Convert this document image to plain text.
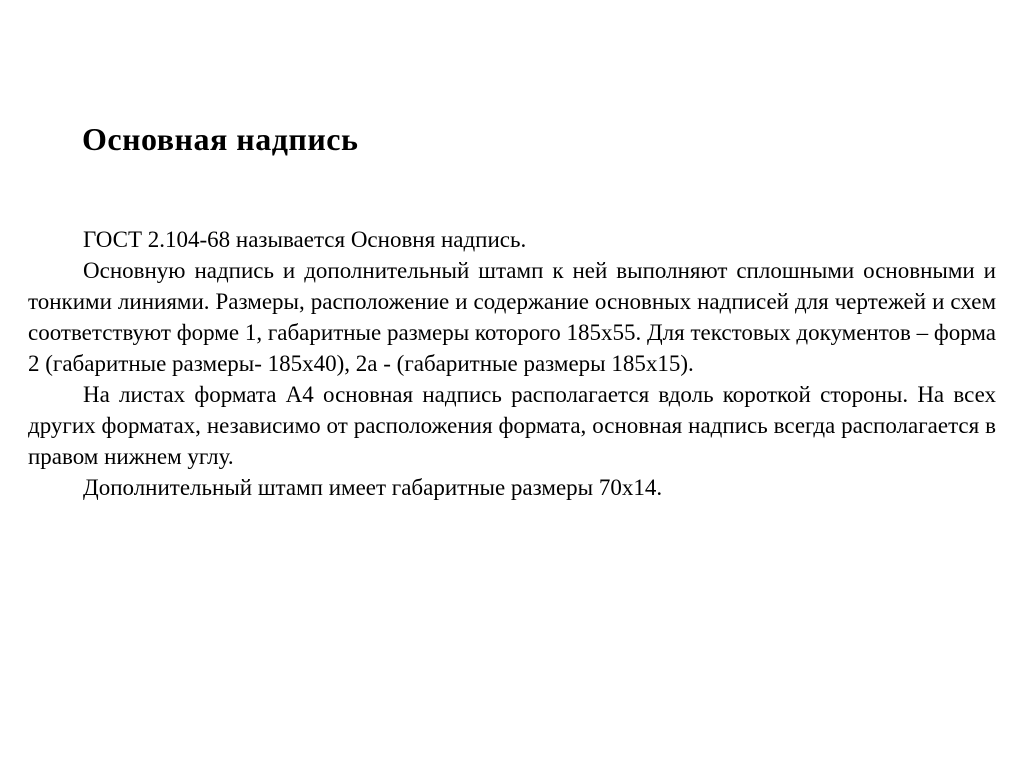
Основная надпись

ГОСТ 2.104-68 называется Основня надпись.

Основную надпись и дополнительный штамп к ней выполняют сплошными основными и тонкими линиями. Размеры, расположение и содержание основных надписей для чертежей и схем соответствуют форме 1, габаритные размеры которого 185х55. Для текстовых документов – форма 2 (габаритные размеры- 185х40), 2а - (габаритные размеры 185х15).

На листах формата А4 основная надпись располагается вдоль короткой стороны. На всех других форматах, независимо от расположения формата, основная надпись всегда располагается в правом нижнем углу.

Дополнительный штамп имеет габаритные размеры 70х14.
